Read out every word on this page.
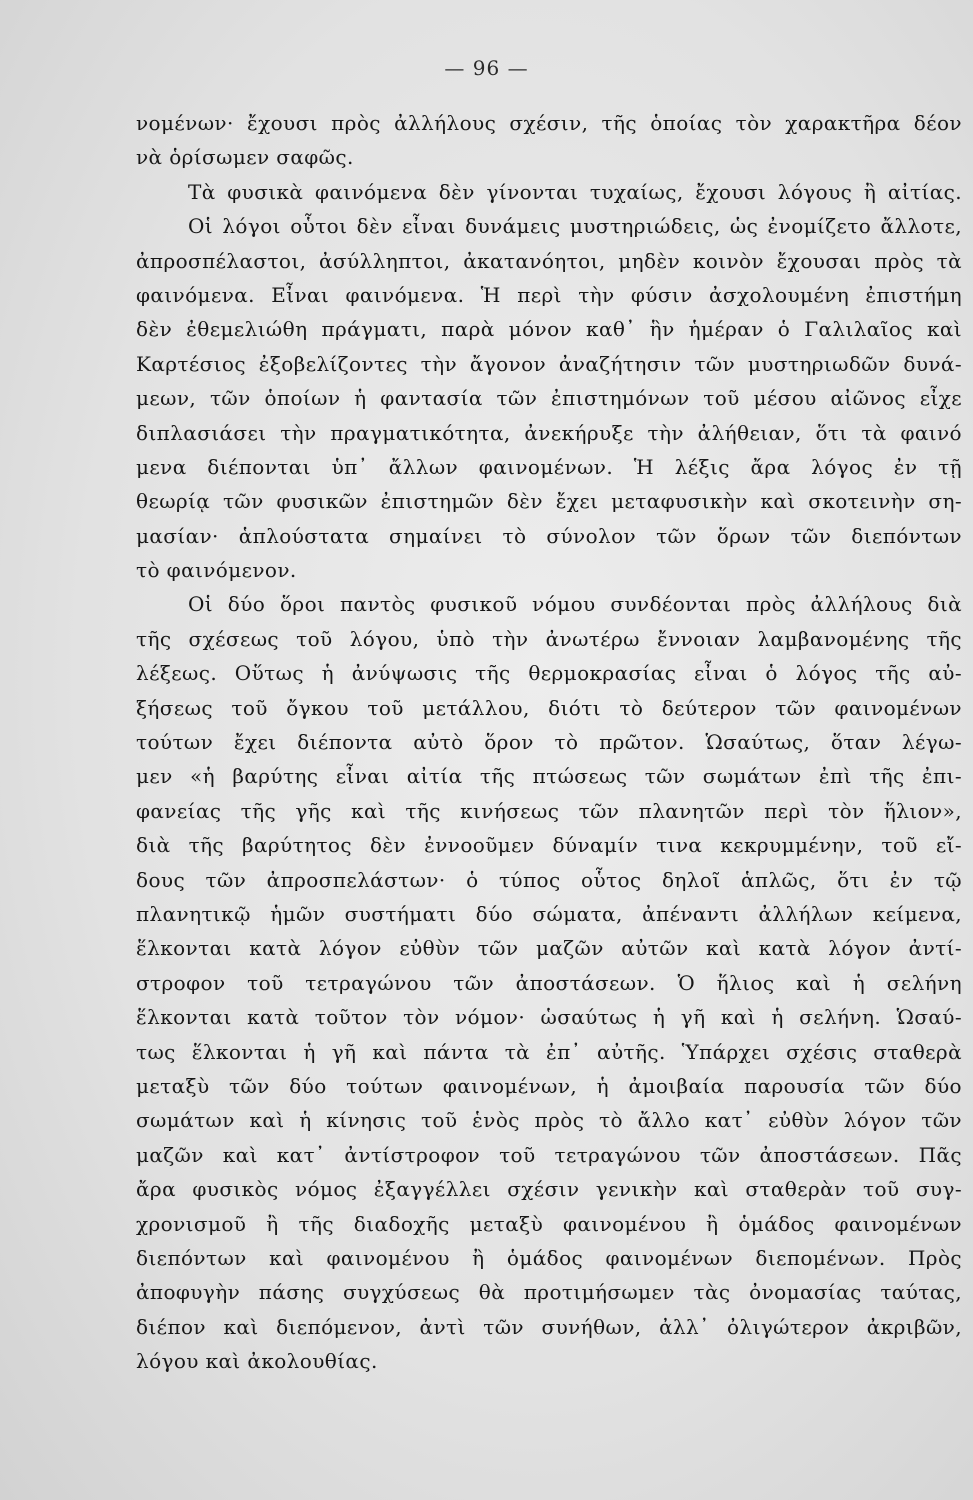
— 96 —
νομένων· ἔχουσι πρὸς ἀλλήλους σχέσιν, τῆς ὁποίας τὸν χαρακτῆρα δέον
νὰ ὁρίσωμεν σαφῶς.
Τὰ φυσικὰ φαινόμενα δὲν γίνονται τυχαίως, ἔχουσι λόγους ἢ αἰτίας.
Οἱ λόγοι οὗτοι δὲν εἶναι δυνάμεις μυστηριώδεις, ὡς ἐνομίζετο ἄλλοτε,
ἀπροσπέλαστοι, ἀσύλληπτοι, ἀκατανόητοι, μηδὲν κοινὸν ἔχουσαι πρὸς τὰ
φαινόμενα. Εἶναι φαινόμενα. Ἡ περὶ τὴν φύσιν ἀσχολουμένη ἐπιστήμη
δὲν ἐθεμελιώθη πράγματι, παρὰ μόνον καθ᾿ ἣν ἡμέραν ὁ Γαλιλαῖος καὶ
Καρτέσιος ἐξοβελίζοντες τὴν ἄγονον ἀναζήτησιν τῶν μυστηριωδῶν δυνά-
μεων, τῶν ὁποίων ἡ φαντασία τῶν ἐπιστημόνων τοῦ μέσου αἰῶνος εἶχε
διπλασιάσει τὴν πραγματικότητα, ἀνεκήρυξε τὴν ἀλήθειαν, ὅτι τὰ φαινό
μενα διέπονται ὑπ᾿ ἄλλων φαινομένων. Ἡ λέξις ἄρα λόγος ἐν τῇ
θεωρίᾳ τῶν φυσικῶν ἐπιστημῶν δὲν ἔχει μεταφυσικὴν καὶ σκοτεινὴν ση-
μασίαν· ἁπλούστατα σημαίνει τὸ σύνολον τῶν ὅρων τῶν διεπόντων
τὸ φαινόμενον.
Οἱ δύο ὅροι παντὸς φυσικοῦ νόμου συνδέονται πρὸς ἀλλήλους διὰ
τῆς σχέσεως τοῦ λόγου, ὑπὸ τὴν ἀνωτέρω ἔννοιαν λαμβανομένης τῆς
λέξεως. Οὕτως ἡ ἀνύψωσις τῆς θερμοκρασίας εἶναι ὁ λόγος τῆς αὐ-
ξήσεως τοῦ ὄγκου τοῦ μετάλλου, διότι τὸ δεύτερον τῶν φαινομένων
τούτων ἔχει διέποντα αὐτὸ ὅρον τὸ πρῶτον. Ὡσαύτως, ὅταν λέγω-
μεν «ἡ βαρύτης εἶναι αἰτία τῆς πτώσεως τῶν σωμάτων ἐπὶ τῆς ἐπι-
φανείας τῆς γῆς καὶ τῆς κινήσεως τῶν πλανητῶν περὶ τὸν ἥλιον»,
διὰ τῆς βαρύτητος δὲν ἐννοοῦμεν δύναμίν τινα κεκρυμμένην, τοῦ εἴ-
δους τῶν ἀπροσπελάστων· ὁ τύπος οὗτος δηλοῖ ἁπλῶς, ὅτι ἐν τῷ
πλανητικῷ ἡμῶν συστήματι δύο σώματα, ἀπέναντι ἀλλήλων κείμενα,
ἕλκονται κατὰ λόγον εὐθὺν τῶν μαζῶν αὐτῶν καὶ κατὰ λόγον ἀντί-
στροφον τοῦ τετραγώνου τῶν ἀποστάσεων. Ὁ ἥλιος καὶ ἡ σελήνη
ἕλκονται κατὰ τοῦτον τὸν νόμον· ὡσαύτως ἡ γῆ καὶ ἡ σελήνη. Ὡσαύ-
τως ἕλκονται ἡ γῆ καὶ πάντα τὰ ἐπ᾿ αὐτῆς. Ὑπάρχει σχέσις σταθερὰ
μεταξὺ τῶν δύο τούτων φαινομένων, ἡ ἀμοιβαία παρουσία τῶν δύο
σωμάτων καὶ ἡ κίνησις τοῦ ἑνὸς πρὸς τὸ ἄλλο κατ᾿ εὐθὺν λόγον τῶν
μαζῶν καὶ κατ᾿ ἀντίστροφον τοῦ τετραγώνου τῶν ἀποστάσεων. Πᾶς
ἄρα φυσικὸς νόμος ἐξαγγέλλει σχέσιν γενικὴν καὶ σταθερὰν τοῦ συγ-
χρονισμοῦ ἢ τῆς διαδοχῆς μεταξὺ φαινομένου ἢ ὁμάδος φαινομένων
διεπόντων καὶ φαινομένου ἢ ὁμάδος φαινομένων διεπομένων. Πρὸς
ἀποφυγὴν πάσης συγχύσεως θὰ προτιμήσωμεν τὰς ὀνομασίας ταύτας,
διέπον καὶ διεπόμενον, ἀντὶ τῶν συνήθων, ἀλλ᾿ ὀλιγώτερον ἀκριβῶν,
λόγου καὶ ἀκολουθίας.
